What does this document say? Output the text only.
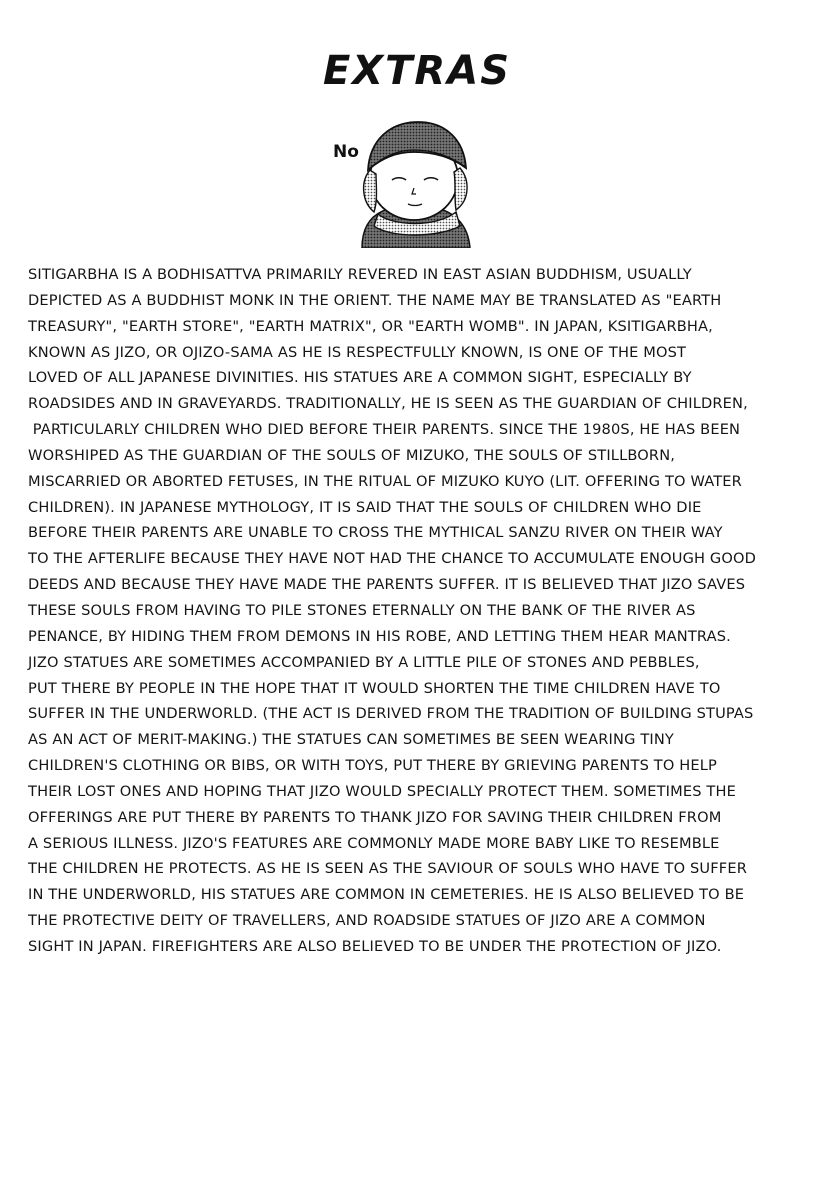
EXTRAS
No
SITIGARBHA IS A BODHISATTVA PRIMARILY REVERED IN EAST ASIAN BUDDHISM, USUALLY
DEPICTED AS A BUDDHIST MONK IN THE ORIENT. THE NAME MAY BE TRANSLATED AS "EARTH
TREASURY", "EARTH STORE", "EARTH MATRIX", OR "EARTH WOMB". IN JAPAN, KSITIGARBHA,
KNOWN AS JIZO, OR OJIZO-SAMA AS HE IS RESPECTFULLY KNOWN, IS ONE OF THE MOST
LOVED OF ALL JAPANESE DIVINITIES. HIS STATUES ARE A COMMON SIGHT, ESPECIALLY BY
ROADSIDES AND IN GRAVEYARDS. TRADITIONALLY, HE IS SEEN AS THE GUARDIAN OF CHILDREN,
PARTICULARLY CHILDREN WHO DIED BEFORE THEIR PARENTS. SINCE THE 1980S, HE HAS BEEN
WORSHIPED AS THE GUARDIAN OF THE SOULS OF MIZUKO, THE SOULS OF STILLBORN,
MISCARRIED OR ABORTED FETUSES, IN THE RITUAL OF MIZUKO KUYO (LIT. OFFERING TO WATER
CHILDREN). IN JAPANESE MYTHOLOGY, IT IS SAID THAT THE SOULS OF CHILDREN WHO DIE
BEFORE THEIR PARENTS ARE UNABLE TO CROSS THE MYTHICAL SANZU RIVER ON THEIR WAY
TO THE AFTERLIFE BECAUSE THEY HAVE NOT HAD THE CHANCE TO ACCUMULATE ENOUGH GOOD
DEEDS AND BECAUSE THEY HAVE MADE THE PARENTS SUFFER. IT IS BELIEVED THAT JIZO SAVES
THESE SOULS FROM HAVING TO PILE STONES ETERNALLY ON THE BANK OF THE RIVER AS
PENANCE, BY HIDING THEM FROM DEMONS IN HIS ROBE, AND LETTING THEM HEAR MANTRAS.
JIZO STATUES ARE SOMETIMES ACCOMPANIED BY A LITTLE PILE OF STONES AND PEBBLES,
PUT THERE BY PEOPLE IN THE HOPE THAT IT WOULD SHORTEN THE TIME CHILDREN HAVE TO
SUFFER IN THE UNDERWORLD. (THE ACT IS DERIVED FROM THE TRADITION OF BUILDING STUPAS
AS AN ACT OF MERIT-MAKING.) THE STATUES CAN SOMETIMES BE SEEN WEARING TINY
CHILDREN'S CLOTHING OR BIBS, OR WITH TOYS, PUT THERE BY GRIEVING PARENTS TO HELP
THEIR LOST ONES AND HOPING THAT JIZO WOULD SPECIALLY PROTECT THEM. SOMETIMES THE
OFFERINGS ARE PUT THERE BY PARENTS TO THANK JIZO FOR SAVING THEIR CHILDREN FROM
A SERIOUS ILLNESS. JIZO'S FEATURES ARE COMMONLY MADE MORE BABY LIKE TO RESEMBLE
THE CHILDREN HE PROTECTS. AS HE IS SEEN AS THE SAVIOUR OF SOULS WHO HAVE TO SUFFER
IN THE UNDERWORLD, HIS STATUES ARE COMMON IN CEMETERIES. HE IS ALSO BELIEVED TO BE
THE PROTECTIVE DEITY OF TRAVELLERS, AND ROADSIDE STATUES OF JIZO ARE A COMMON
SIGHT IN JAPAN. FIREFIGHTERS ARE ALSO BELIEVED TO BE UNDER THE PROTECTION OF JIZO.
